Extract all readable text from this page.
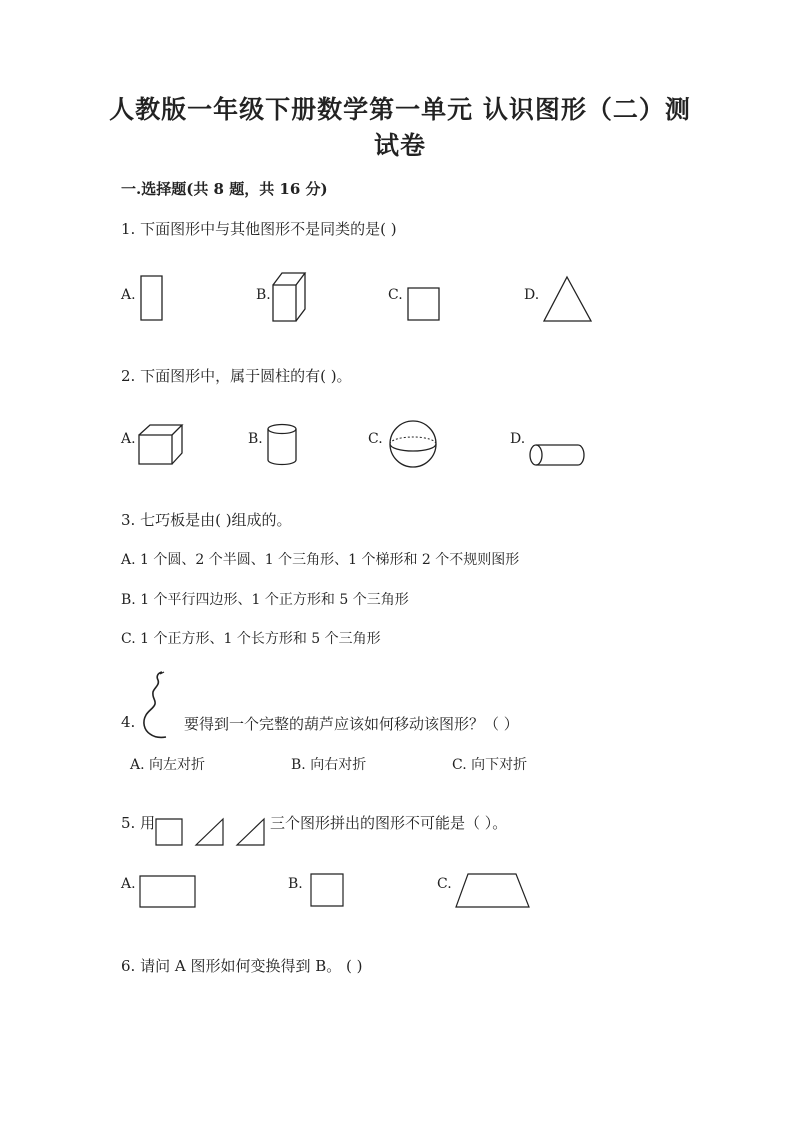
人教版一年级下册数学第一单元 认识图形（二）测
试卷
一.选择题(共 8 题，共 16 分)
1. 下面图形中与其他图形不是同类的是( )
A.	B.	C.	D.
2. 下面图形中，属于圆柱的有( )。
A.	B.	C.	D.
3. 七巧板是由( )组成的。
A. 1 个圆、2 个半圆、1 个三角形、1 个梯形和 2 个不规则图形
B. 1 个平行四边形、1 个正方形和 5 个三角形
C. 1 个正方形、1 个长方形和 5 个三角形
4.	要得到一个完整的葫芦应该如何移动该图形？（ ）
A. 向左对折	B. 向右对折	C. 向下对折
5. 用	三个图形拼出的图形不可能是（ ）。
A.	B.	C.
6. 请问 A 图形如何变换得到 B。 ( )
